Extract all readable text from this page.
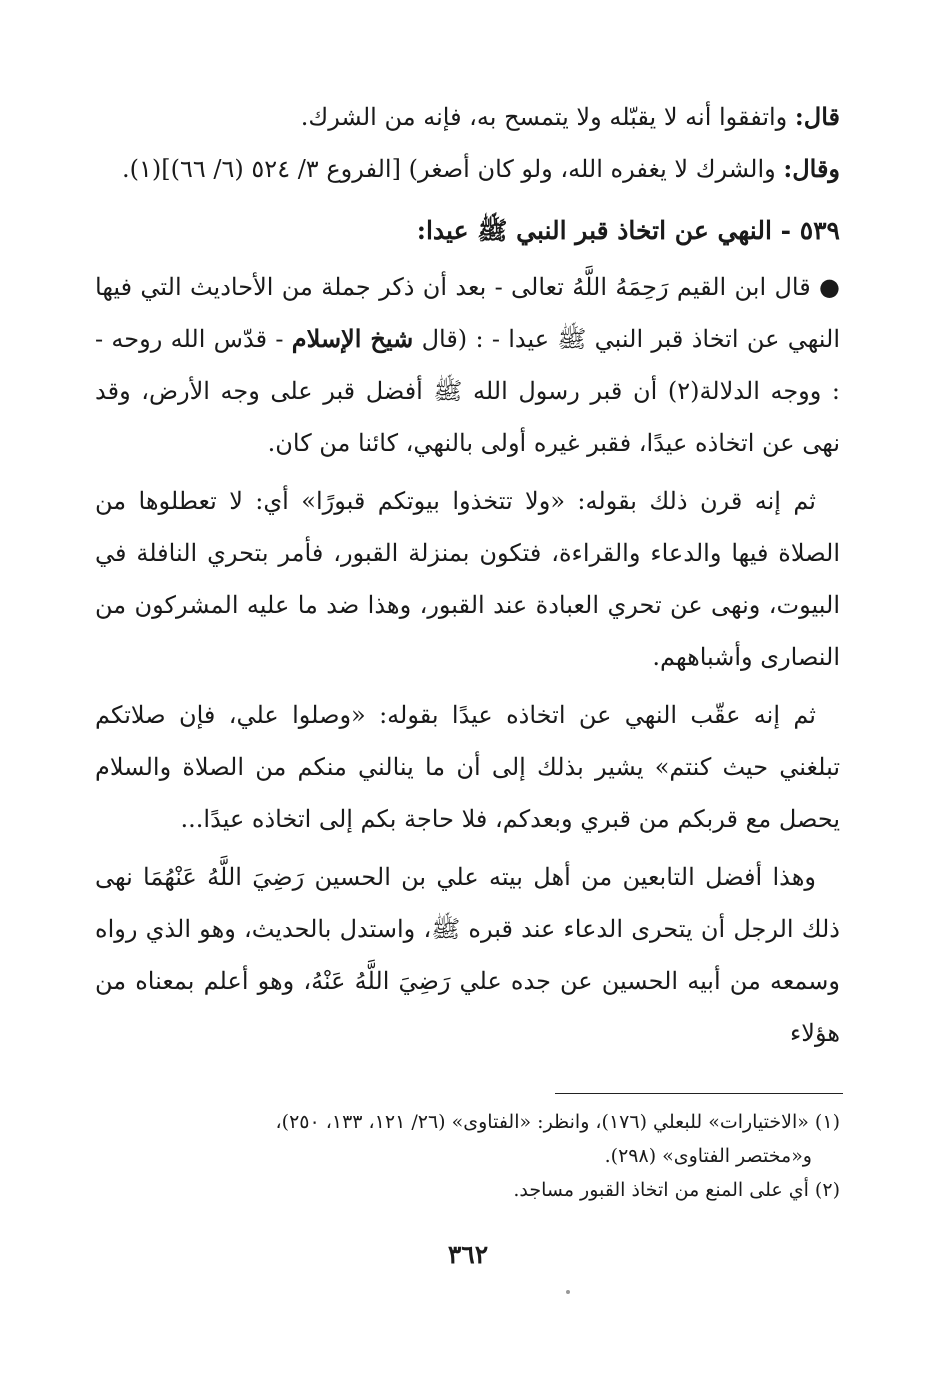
قال: واتفقوا أنه لا يقبّله ولا يتمسح به، فإنه من الشرك.

وقال: والشرك لا يغفره الله، ولو كان أصغر) [الفروع ٣/ ٥٢٤ (٦/ ٦٦)](١).

٥٣٩ - النهي عن اتخاذ قبر النبي ﷺ عيدا:

● قال ابن القيم رَحِمَهُ اللَّهُ تعالى - بعد أن ذكر جملة من الأحاديث التي فيها النهي عن اتخاذ قبر النبي ﷺ عيدا - : (قال شيخ الإسلام - قدّس الله روحه - : ووجه الدلالة(٢) أن قبر رسول الله ﷺ أفضل قبر على وجه الأرض، وقد نهى عن اتخاذه عيدًا، فقبر غيره أولى بالنهي، كائنا من كان.

ثم إنه قرن ذلك بقوله: «ولا تتخذوا بيوتكم قبورًا» أي: لا تعطلوها من الصلاة فيها والدعاء والقراءة، فتكون بمنزلة القبور، فأمر بتحري النافلة في البيوت، ونهى عن تحري العبادة عند القبور، وهذا ضد ما عليه المشركون من النصارى وأشباههم.

ثم إنه عقّب النهي عن اتخاذه عيدًا بقوله: «وصلوا علي، فإن صلاتكم تبلغني حيث كنتم» يشير بذلك إلى أن ما ينالني منكم من الصلاة والسلام يحصل مع قربكم من قبري وبعدكم، فلا حاجة بكم إلى اتخاذه عيدًا...

وهذا أفضل التابعين من أهل بيته علي بن الحسين رَضِيَ اللَّهُ عَنْهُمَا نهى ذلك الرجل أن يتحرى الدعاء عند قبره ﷺ، واستدل بالحديث، وهو الذي رواه وسمعه من أبيه الحسين عن جده علي رَضِيَ اللَّهُ عَنْهُ، وهو أعلم بمعناه من هؤلاء

(١) «الاختيارات» للبعلي (١٧٦)، وانظر: «الفتاوى» (٢٦/ ١٢١، ١٣٣، ٢٥٠)،

و«مختصر الفتاوى» (٢٩٨).

(٢) أي على المنع من اتخاذ القبور مساجد.

٣٦٢
